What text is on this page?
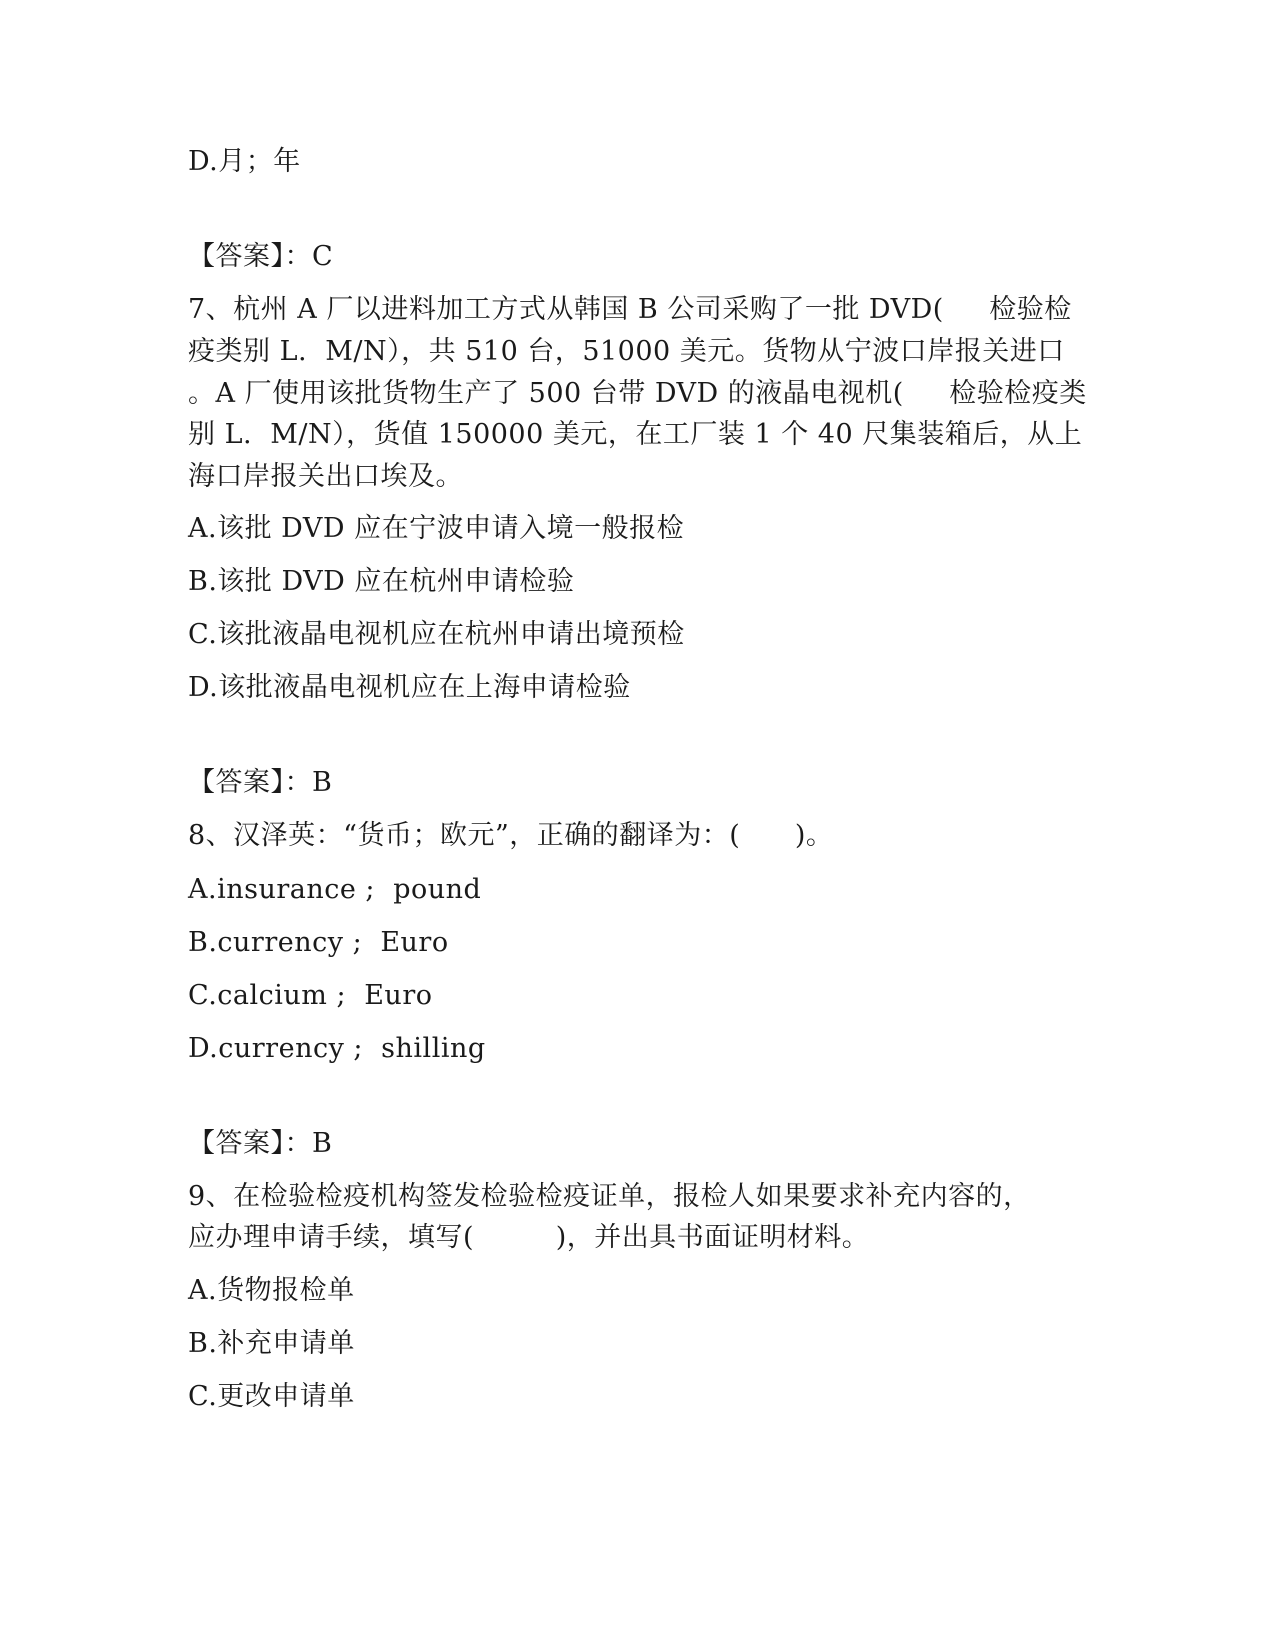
D.月；年
【答案】：C
7、杭州 A 厂以进料加工方式从韩国 B 公司采购了一批 DVD(     检验检
疫类别 L.  M/N），共 510 台，51000 美元。货物从宁波口岸报关进口
。A 厂使用该批货物生产了 500 台带 DVD 的液晶电视机(     检验检疫类
别 L.  M/N），货值 150000 美元，在工厂装 1 个 40 尺集装箱后，从上
海口岸报关出口埃及。
A.该批 DVD 应在宁波申请入境一般报检
B.该批 DVD 应在杭州申请检验
C.该批液晶电视机应在杭州申请出境预检
D.该批液晶电视机应在上海申请检验
【答案】：B
8、汉泽英：“货币；欧元”，正确的翻译为：(      )。
A.insurance ;  pound
B.currency ;  Euro
C.calcium ;  Euro
D.currency ;  shilling
【答案】：B
9、在检验检疫机构签发检验检疫证单，报检人如果要求补充内容的，
应办理申请手续，填写(         )，并出具书面证明材料。
A.货物报检单
B.补充申请单
C.更改申请单
